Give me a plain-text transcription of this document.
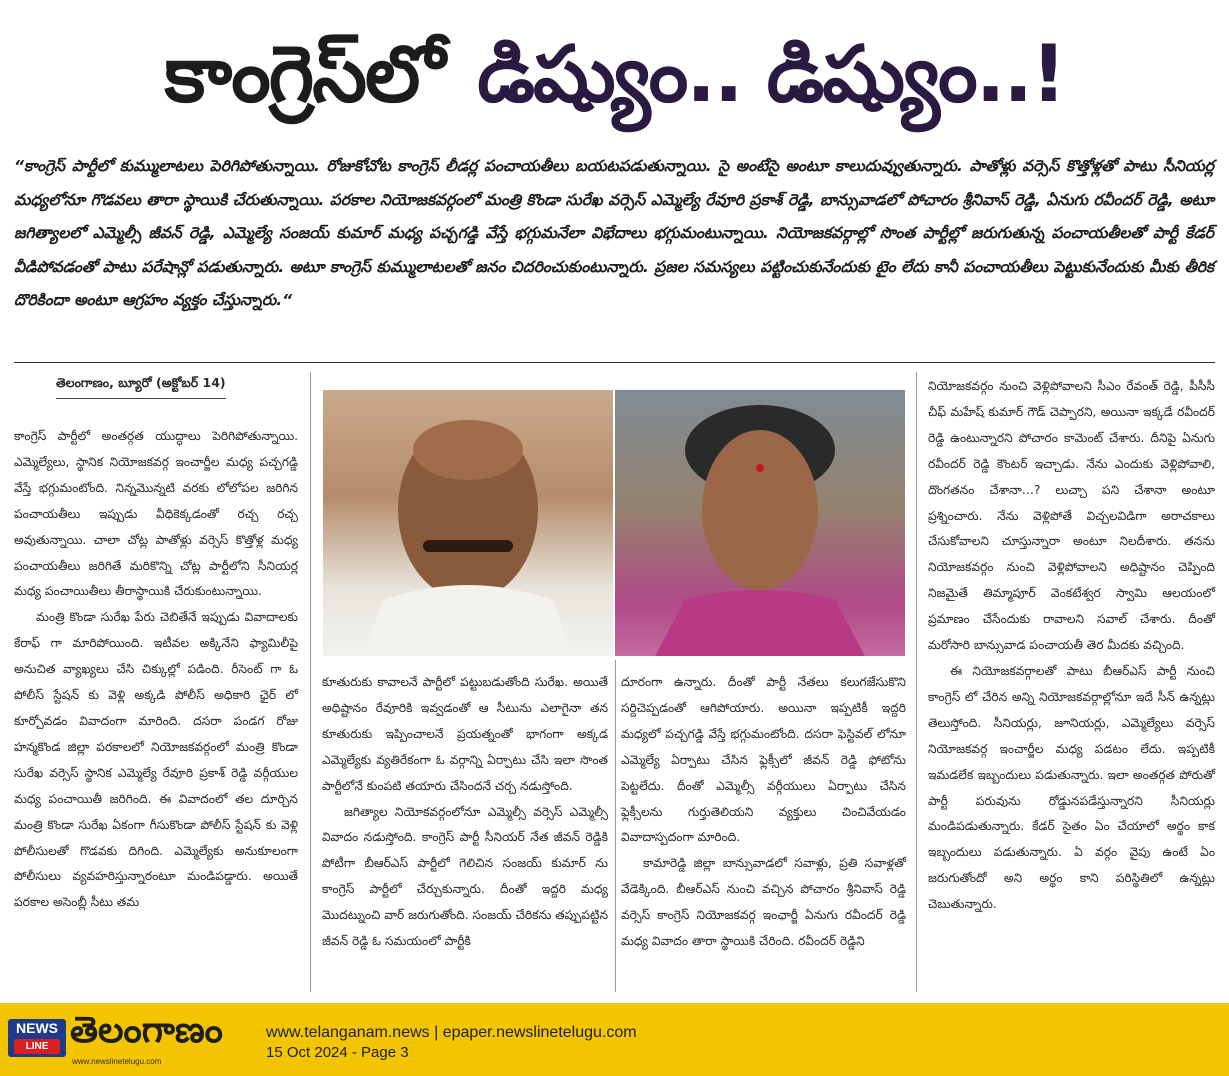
కాంగ్రెస్‌లో డిష్యుం.. డిష్యుం..!
“కాంగ్రెస్ పార్టీలో కుమ్ములాటలు పెరిగిపోతున్నాయి. రోజుకోచోట కాంగ్రెస్ లీడర్ల పంచాయతీలు బయటపడుతున్నాయి. సై అంటేసై అంటూ కాలుదువ్వుతున్నారు. పాతోళ్లు వర్సెస్ కొత్తోళ్లతో పాటు సీనియర్ల మధ్యలోనూ గొడవలు తారా స్థాయికి చేరుతున్నాయి. పరకాల నియోజకవర్గంలో మంత్రి కొండా సురేఖ వర్సెస్ ఎమ్మెల్యే రేవూరి ప్రకాశ్ రెడ్డి, బాన్సువాడలో పోచారం శ్రీనివాస్ రెడ్డి, ఏనుగు రవీందర్ రెడ్డి, అటూ జగిత్యాలలో ఎమ్మెల్సీ జీవన్ రెడ్డి, ఎమ్మెల్యే సంజయ్ కుమార్ మధ్య పచ్చగడ్డి వేస్తే భగ్గుమనేలా విభేదాలు భగ్గుమంటున్నాయి. నియోజకవర్గాల్లో సొంత పార్టీల్లో జరుగుతున్న పంచాయతీలతో పార్టీ కేడర్ వీడిపోవడంతో పాటు పరేషాన్లో పడుతున్నారు. అటూ కాంగ్రెస్ కుమ్ములాటలతో జనం చిదరించుకుంటున్నారు. ప్రజల సమస్యలు పట్టించుకునేందుకు టైం లేదు కానీ పంచాయతీలు పెట్టుకునేందుకు మీకు తీరిక దొరికిందా అంటూ ఆగ్రహం వ్యక్తం చేస్తున్నారు.“
తెలంగాణం, బ్యూరో (అక్టోబర్ 14)

కాంగ్రెస్ పార్టీలో అంతర్గత యుద్ధాలు పెరిగిపోతున్నాయి. ఎమ్మెల్యేలు, స్థానిక నియోజకవర్గ ఇంచార్జీల మధ్య పచ్చగడ్డి వేస్తే భగ్గుమంటోంది. నిన్నమొన్నటి వరకు లోలోపల జరిగిన పంచాయతీలు ఇప్పుడు వీధికెక్కడంతో రచ్చ రచ్చ అవుతున్నాయి. చాలా చోట్ల పాతోళ్లు వర్సెస్ కొత్తోళ్ల మధ్య పంచాయతీలు జరిగితే మరికొన్ని చోట్ల పార్టీలోని సీనియర్ల మధ్య పంచాయితీలు తీరాస్థాయికి చేరుకుంటున్నాయి.

మంత్రి కొండా సురేఖ పేరు చెబితేనే ఇప్పుడు వివాదాలకు కేరాఫ్ గా మారిపోయింది. ఇటీవల అక్కినేని ఫ్యామిలీపై అనుచిత వ్యాఖ్యలు చేసి చిక్కుల్లో పడింది. రీసెంట్ గా ఓ పోలీస్ స్టేషన్ కు వెళ్లి అక్కడి పోలీస్ అధికారి ఛైర్ లో కూర్చోవడం వివాదంగా మారింది. దసరా పండగ రోజు హన్మకొండ జిల్లా పరకాలలో నియోజకవర్గంలో మంత్రి కొండా సురేఖ వర్సెస్ స్థానిక ఎమ్మెల్యే రేవూరి ప్రకాశ్ రెడ్డి వర్గీయుల మధ్య పంచాయితీ జరిగింది. ఈ వివాదంలో తల దూర్చిన మంత్రి కొండా సురేఖ ఏకంగా గీసుకొండా పోలీస్ స్టేషన్ కు వెళ్లి పోలీసులతో గొడవకు దిగింది. ఎమ్మెల్యేకు అనుకూలంగా పోలీసులు వ్యవహరిస్తున్నారంటూ మండిపడ్డారు. అయితే పరకాల అసెంబ్లీ సీటు తమ

కూతురుకు కావాలనే పార్టీలో పట్టుబడుతోంది సురేఖ. అయితే అధిష్టానం రేవూరికి ఇవ్వడంతో ఆ సీటును ఎలాగైనా తన కూతురుకు ఇప్పించాలనే ప్రయత్నంతో భాగంగా అక్కడ ఎమ్మెల్యేకు వ్యతిరేకంగా ఓ వర్గాన్ని ఏర్పాటు చేసి ఇలా సొంత పార్టీలోనే కుంపటి తయారు చేసిందనే చర్చ నడుస్తోంది.

జగిత్యాల నియోకవర్గంలోనూ ఎమ్మెల్సీ వర్సెస్ ఎమ్మెల్సీ వివాదం నడుస్తోంది. కాంగ్రెస్ పార్టీ సీనియర్ నేత జీవన్ రెడ్డికి పోటీగా బీఆర్ఎస్ పార్టీలో గెలిచిన సంజయ్ కుమార్ ను కాంగ్రెస్ పార్టీలో చేర్చుకున్నారు. దీంతో ఇద్దరి మధ్య మొదట్నుంచి వార్ జరుగుతోంది. సంజయ్ చేరికను తప్పుపట్టిన జీవన్ రెడ్డి ఓ సమయంలో పార్టీకి

దూరంగా ఉన్నారు. దీంతో పార్టీ నేతలు కలుగజేసుకొని సర్దిచెప్పడంతో ఆగిపోయారు. అయినా ఇప్పటికీ ఇద్దరి మధ్యలో పచ్చగడ్డి వేస్తే భగ్గుమంటోంది. దసరా ఫెస్టివల్ లోనూ ఎమ్మెల్యే ఏర్పాటు చేసిన ఫ్లెక్సీలో జీవన్ రెడ్డి ఫోటోను పెట్టలేదు. దీంతో ఎమ్మెల్సీ వర్గీయులు ఏర్పాటు చేసిన ఫ్లెక్సీలను గుర్తుతెలియని వ్యక్తులు చించివేయడం వివాదాస్పదంగా మారింది.

కామారెడ్డి జిల్లా బాన్సువాడలో సవాళ్లు, ప్రతి సవాళ్లతో వేడెక్కింది. బీఆర్ఎస్ నుంచి వచ్చిన పోచారం శ్రీనివాస్ రెడ్డి వర్సెస్ కాంగ్రెస్ నియోజకవర్గ ఇంఛార్జీ ఏనుగు రవీందర్ రెడ్డి మధ్య వివాదం తారా స్థాయికి చేరింది. రవీందర్ రెడ్డిని

నియోజకవర్గం నుంచి వెళ్లిపోవాలని సీఎం రేవంత్ రెడ్డి, పీసీసీ చీఫ్ మహేష్ కుమార్ గౌడ్ చెప్పారని, అయినా ఇక్కడే రవీందర్ రెడ్డి ఉంటున్నారని పోచారం కామెంట్ చేశారు. దీనిపై ఏనుగు రవీందర్ రెడ్డి కౌంటర్ ఇచ్చాడు. నేను ఎందుకు వెళ్లిపోవాలి, దొంగతనం చేశానా…? లుచ్చా పని చేశానా అంటూ ప్రశ్నించారు. నేను వెళ్లిపోతే విచ్చలవిడిగా అరాచకాలు చేసుకోవాలని చూస్తున్నారా అంటూ నిలదీశారు. తనను నియోజకవర్గం నుంచి వెళ్లిపోవాలని అధిష్టానం చెప్పింది నిజమైతే తిమ్మాపూర్ వెంకటేశ్వర స్వామి ఆలయంలో ప్రమాణం చేసేందుకు రావాలని సవాల్ చేశారు. దీంతో మరోసారి బాన్సువాడ పంచాయతీ తెర మీదకు వచ్చింది.

ఈ నియోజకవర్గాలతో పాటు బీఆర్ఎస్ పార్టీ నుంచి కాంగ్రెస్ లో చేరిన అన్ని నియోజకవర్గాల్లోనూ ఇదే సీన్ ఉన్నట్లు తెలుస్తోంది. సీనియర్లు, జూనియర్లు, ఎమ్మెల్యేలు వర్సెస్ నియోజకవర్గ ఇంచార్జీల మధ్య పడటం లేదు. ఇప్పటికీ ఇమడలేక ఇబ్బందులు పడుతున్నారు. ఇలా అంతర్గత పోరుతో పార్టీ పరువును రోడ్డునపడేస్తున్నారని సీనియర్లు మండిపడుతున్నారు. కేడర్ సైతం ఏం చేయాలో అర్థం కాక ఇబ్బందులు పడుతున్నారు. ఏ వర్గం వైపు ఉంటే ఏం జరుగుతోందో అని అర్థం కాని పరిస్థితిలో ఉన్నట్లు చెబుతున్నారు.

NEWS
LINE తెలంగాణం
www.newslinetelugu.com
www.telanganam.news | epaper.newslinetelugu.com
15 Oct 2024 - Page 3
